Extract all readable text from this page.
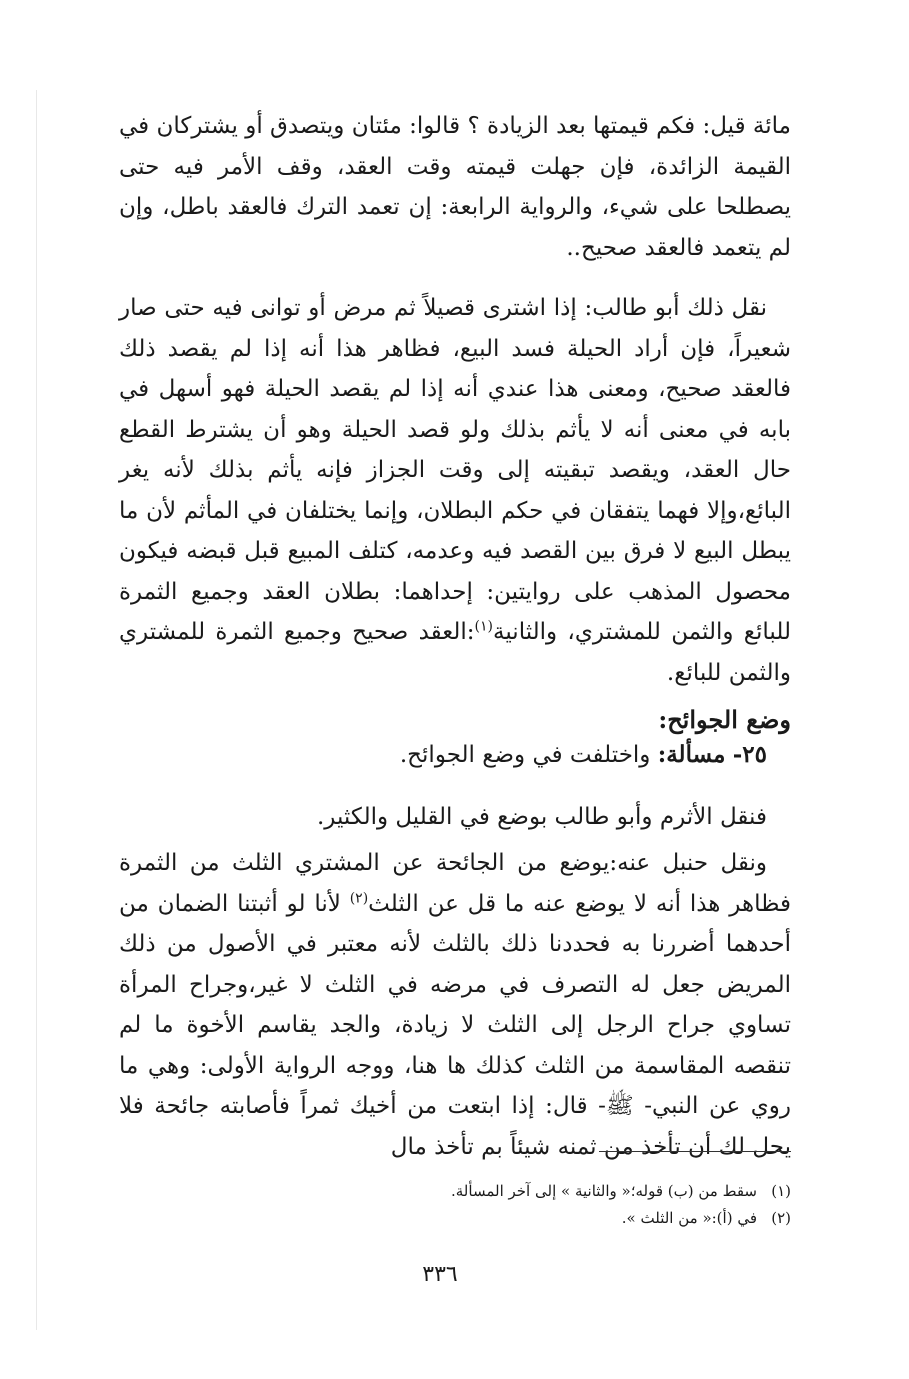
مائة قيل: فكم قيمتها بعد الزيادة ؟ قالوا: مئتان ويتصدق أو يشتركان في القيمة الزائدة، فإن جهلت قيمته وقت العقد، وقف الأمر فيه حتى يصطلحا على شيء، والرواية الرابعة: إن تعمد الترك فالعقد باطل، وإن لم يتعمد فالعقد صحيح..

نقل ذلك أبو طالب: إذا اشترى قصيلاً ثم مرض أو توانى فيه حتى صار شعيراً، فإن أراد الحيلة فسد البيع، فظاهر هذا أنه إذا لم يقصد ذلك فالعقد صحيح، ومعنى هذا عندي أنه إذا لم يقصد الحيلة فهو أسهل في بابه في معنى أنه لا يأثم بذلك ولو قصد الحيلة وهو أن يشترط القطع حال العقد، ويقصد تبقيته إلى وقت الجزاز فإنه يأثم بذلك لأنه يغر البائع،وإلا فهما يتفقان في حكم البطلان، وإنما يختلفان في المأثم لأن ما يبطل البيع لا فرق بين القصد فيه وعدمه، كتلف المبيع قبل قبضه فيكون محصول المذهب على روايتين: إحداهما: بطلان العقد وجميع الثمرة للبائع والثمن للمشتري، والثانية$^{(١)}$:العقد صحيح وجميع الثمرة للمشتري والثمن للبائع.

وضع الجوائح:
٢٥- مسألة: واختلفت في وضع الجوائح.
فنقل الأثرم وأبو طالب بوضع في القليل والكثير.

ونقل حنبل عنه:يوضع من الجائحة عن المشتري الثلث من الثمرة فظاهر هذا أنه لا يوضع عنه ما قل عن الثلث$^{(٢)}$ لأنا لو أثبتنا الضمان من أحدهما أضررنا به فحددنا ذلك بالثلث لأنه معتبر في الأصول من ذلك المريض جعل له التصرف في مرضه في الثلث لا غير،وجراح المرأة تساوي جراح الرجل إلى الثلث لا زيادة، والجد يقاسم الأخوة ما لم تنقصه المقاسمة من الثلث كذلك ها هنا، ووجه الرواية الأولى: وهي ما روي عن النبي- ﷺ- قال: إذا ابتعت من أخيك ثمراً فأصابته جائحة فلا يحل لك أن تأخذ من ثمنه شيئاً بم تأخذ مال

(١)سقط من (ب) قوله؛« والثانية » إلى آخر المسألة.
(٢)في (أ):« من الثلث ».
٣٣٦
